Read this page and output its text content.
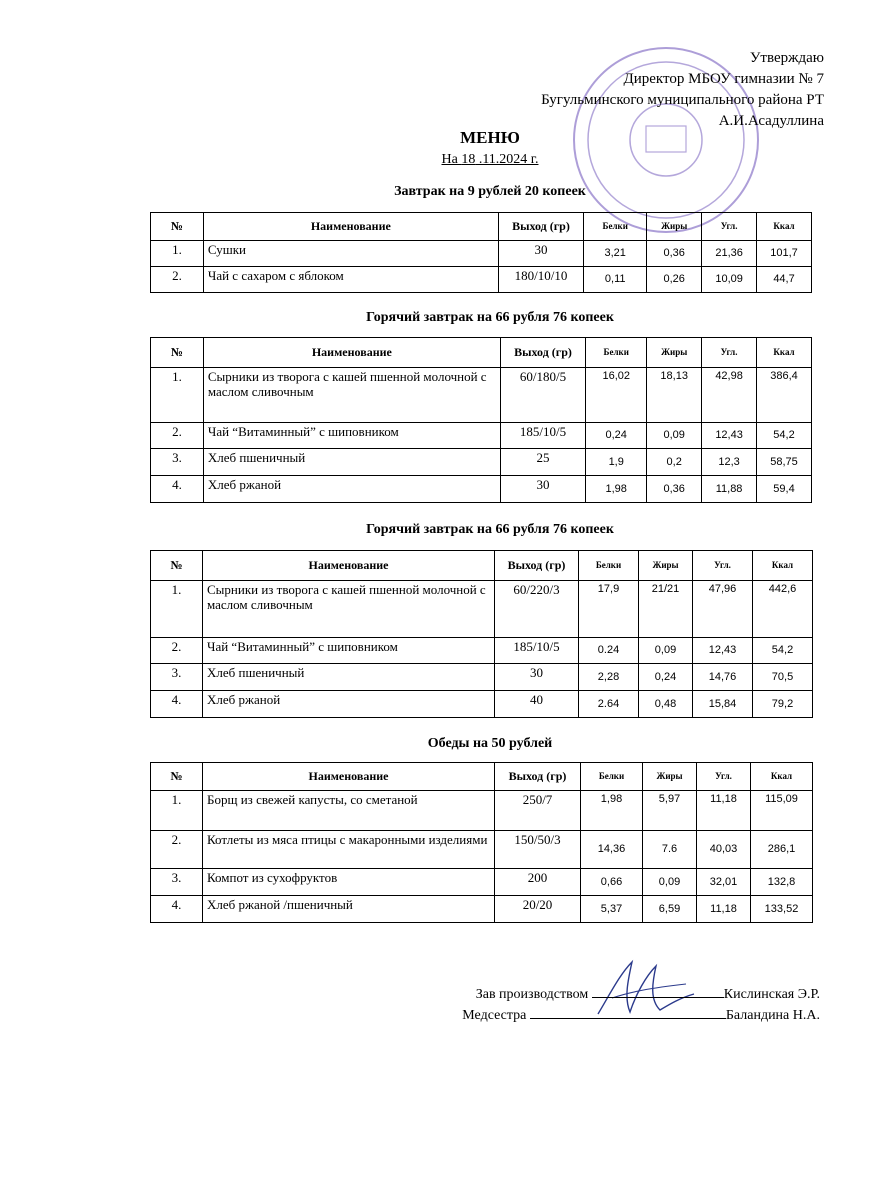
Утверждаю
Директор МБОУ гимназии № 7
Бугульминского муниципального района РТ
А.И.Асадуллина
МЕНЮ
На 18 .11.2024 г.
Завтрак на 9 рублей 20 копеек
№	Наименование	Выход (гр)	Белки	Жиры	Угл.	Ккал
1.	Сушки	30	3,21	0,36	21,36	101,7
2.	Чай с сахаром с яблоком	180/10/10	0,11	0,26	10,09	44,7
Горячий завтрак на 66 рубля 76 копеек
№	Наименование	Выход (гр)	Белки	Жиры	Угл.	Ккал
1.	Сырники из творога с кашей пшенной молочной с маслом сливочным	60/180/5	16,02	18,13	42,98	386,4
2.	Чай “Витаминный” с шиповником	185/10/5	0,24	0,09	12,43	54,2
3.	Хлеб пшеничный	25	1,9	0,2	12,3	58,75
4.	Хлеб ржаной	30	1,98	0,36	11,88	59,4
Горячий завтрак на 66 рубля 76 копеек
№	Наименование	Выход (гр)	Белки	Жиры	Угл.	Ккал
1.	Сырники из творога с кашей пшенной молочной с маслом сливочным	60/220/3	17,9	21/21	47,96	442,6
2.	Чай “Витаминный” с шиповником	185/10/5	0.24	0,09	12,43	54,2
3.	Хлеб пшеничный	30	2,28	0,24	14,76	70,5
4.	Хлеб ржаной	40	2.64	0,48	15,84	79,2
Обеды на 50 рублей
№	Наименование	Выход (гр)	Белки	Жиры	Угл.	Ккал
1.	Борщ из свежей капусты, со сметаной	250/7	1,98	5,97	11,18	115,09
2.	Котлеты из мяса птицы с макаронными изделиями	150/50/3	14,36	7.6	40,03	286,1
3.	Компот из сухофруктов	200	0,66	0,09	32,01	132,8
4.	Хлеб ржаной /пшеничный	20/20	5,37	6,59	11,18	133,52
Зав производством	Кислинская Э.Р.
Медсестра	Баландина Н.А.
